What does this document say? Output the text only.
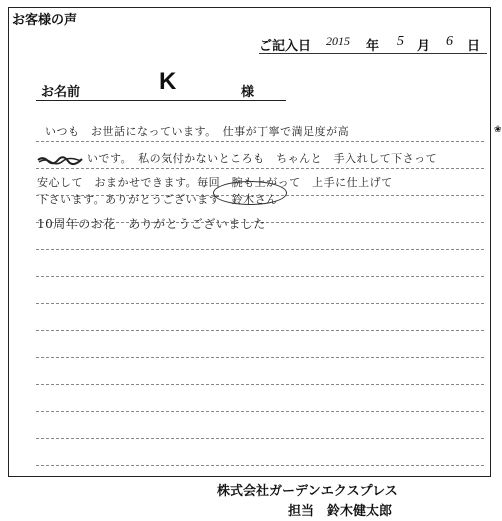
お客様の声
ご記入日 2015 年 5 月 6 日
お名前	K	様
いつも　お世話になっています。　仕事が丁寧で満足度が高	❀
いです。　私の気付かないところも　ちゃんと　手入れして下さって
安心して　おまかせできます。毎回　腕も上がって　上手に仕上げて
下さいます。ありがとうございます　鈴木さん
10周年のお花　ありがとうございました
株式会社ガーデンエクスプレス
担当　鈴木健太郎
